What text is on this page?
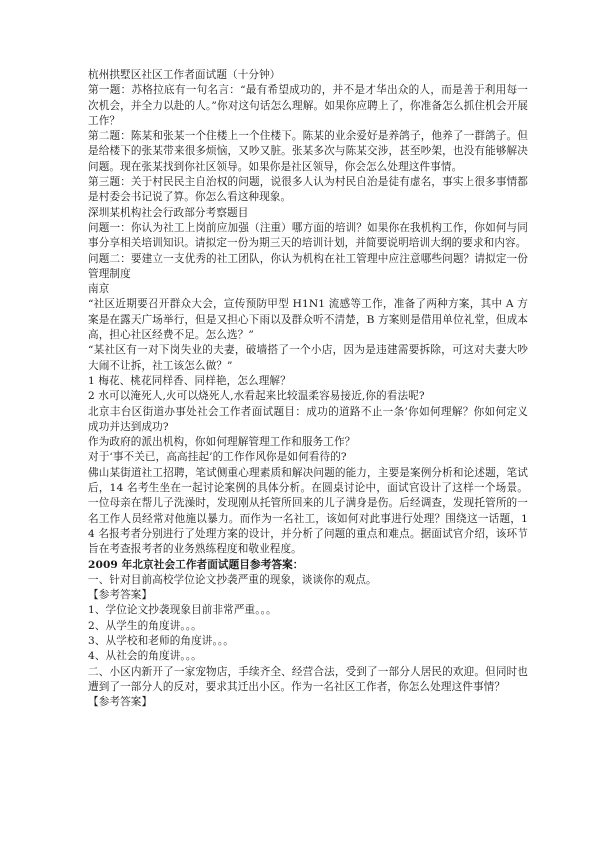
杭州拱墅区社区工作者面试题（十分钟）

第一题：苏格拉底有一句名言：“最有希望成功的，并不是才华出众的人，而是善于利用每一次机会，并全力以赴的人。”你对这句话怎么理解。如果你应聘上了，你准备怎么抓住机会开展工作？

第二题：陈某和张某一个住楼上一个住楼下。陈某的业余爱好是养鸽子，他养了一群鸽子。但是给楼下的张某带来很多烦恼，又吵又脏。张某多次与陈某交涉，甚至吵架，也没有能够解决问题。现在张某找到你社区领导。如果你是社区领导，你会怎么处理这件事情。

第三题：关于村民民主自治权的问题，说很多人认为村民自治是徒有虚名，事实上很多事情都是村委会书记说了算。你怎么看这种现象。

深圳某机构社会行政部分考察题目

问题一：你认为社工上岗前应加强（注重）哪方面的培训？如果你在我机构工作，你如何与同事分享相关培训知识。请拟定一份为期三天的培训计划，并简要说明培训大纲的要求和内容。

问题二：要建立一支优秀的社工团队，你认为机构在社工管理中应注意哪些问题？请拟定一份管理制度

南京

“社区近期要召开群众大会，宣传预防甲型 H1N1 流感等工作，准备了两种方案，其中 A 方案是在露天广场举行，但是又担心下雨以及群众听不清楚，B 方案则是借用单位礼堂，但成本高，担心社区经费不足。怎么选？”

“某社区有一对下岗失业的夫妻，破墙搭了一个小店，因为是违建需要拆除，可这对夫妻大吵大闹不让拆，社工该怎么做？”

1 梅花、桃花同样香、同样艳，怎么理解？

2 水可以淹死人,火可以烧死人,水看起来比较温柔容易接近,你的看法呢?

北京丰台区街道办事处社会工作者面试题目：成功的道路不止一条’你如何理解？你如何定义成功并达到成功?

作为政府的派出机构，你如何理解管理工作和服务工作？

对于‘事不关已，高高挂起’的工作作风你是如何看待的?

佛山某街道社工招聘，笔试侧重心理素质和解决问题的能力，主要是案例分析和论述题，笔试后，14 名考生坐在一起讨论案例的具体分析。在圆桌讨论中，面试官设计了这样一个场景。一位母亲在帮儿子洗澡时，发现刚从托管所回来的儿子满身是伤。后经调查，发现托管所的一名工作人员经常对他施以暴力。而作为一名社工，该如何对此事进行处理？围绕这一话题，14 名报考者分别进行了处理方案的设计，并分析了问题的重点和难点。据面试官介绍，该环节旨在考查报考者的业务熟练程度和敬业程度。

2009 年北京社会工作者面试题目参考答案：

一、针对目前高校学位论文抄袭严重的现象，谈谈你的观点。

【参考答案】

1、学位论文抄袭现象目前非常严重。。。

2、从学生的角度讲。。。

3、从学校和老师的角度讲。。。

4、从社会的角度讲。。。

二、小区内新开了一家宠物店，手续齐全、经营合法，受到了一部分人居民的欢迎。但同时也遭到了一部分人的反对，要求其迁出小区。作为一名社区工作者，你怎么处理这件事情？

【参考答案】
